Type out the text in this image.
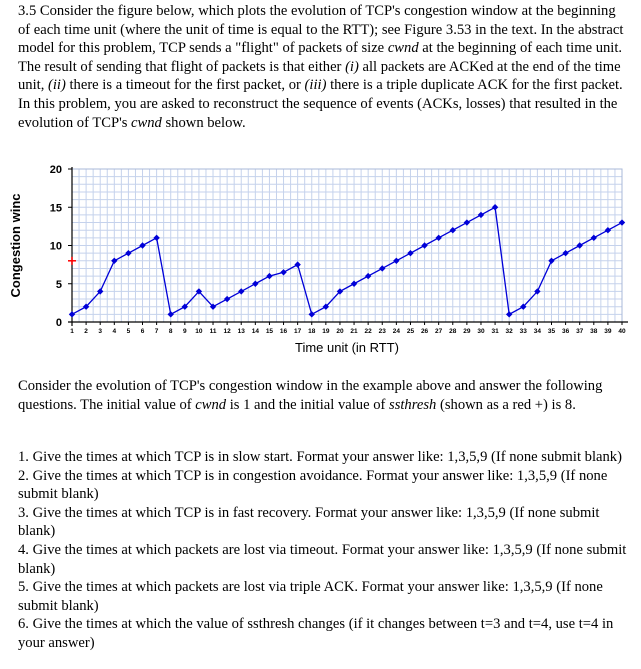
3.5 Consider the figure below, which plots the evolution of TCP's congestion window at the beginning of each time unit (where the unit of time is equal to the RTT); see Figure 3.53 in the text. In the abstract model for this problem, TCP sends a "flight" of packets of size cwnd at the beginning of each time unit. The result of sending that flight of packets is that either (i) all packets are ACKed at the end of the time unit, (ii) there is a timeout for the first packet, or (iii) there is a triple duplicate ACK for the first packet. In this problem, you are asked to reconstruct the sequence of events (ACKs, losses) that resulted in the evolution of TCP's cwnd shown below.
0
5
10
15
20
1 2 3 4 5 6 7 8 9 10 11 12 13 14 15 16 17 18 19 20 21 22 23 24 25 26 27 28 29 30 31 32 33 34 35 36 37 38 39 40
Congestion winc
Time unit (in RTT)
Consider the evolution of TCP's congestion window in the example above and answer the following questions. The initial value of cwnd is 1 and the initial value of ssthresh (shown as a red +) is 8.

1. Give the times at which TCP is in slow start. Format your answer like: 1,3,5,9 (If none submit blank)

2. Give the times at which TCP is in congestion avoidance. Format your answer like: 1,3,5,9 (If none submit blank)

3. Give the times at which TCP is in fast recovery. Format your answer like: 1,3,5,9 (If none submit blank)

4. Give the times at which packets are lost via timeout. Format your answer like: 1,3,5,9 (If none submit blank)

5. Give the times at which packets are lost via triple ACK. Format your answer like: 1,3,5,9 (If none submit blank)

6. Give the times at which the value of ssthresh changes (if it changes between t=3 and t=4, use t=4 in your answer)
